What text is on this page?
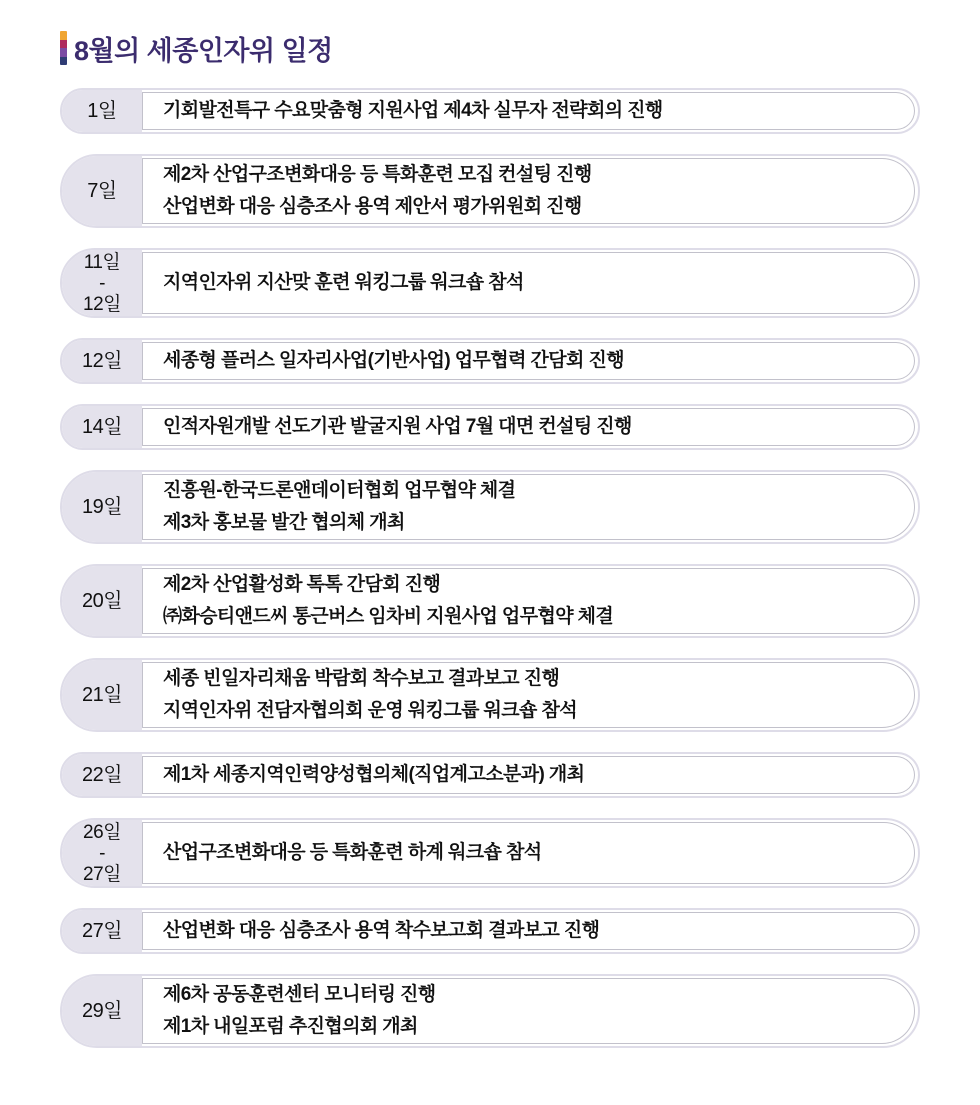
8월의 세종인자위 일정
1일 기회발전특구 수요맞춤형 지원사업 제4차 실무자 전략회의 진행
7일
제2차 산업구조변화대응 등 특화훈련 모집 컨설팅 진행
산업변화 대응 심층조사 용역 제안서 평가위원회 진행
11일
-
12일
지역인자위 지산맞 훈련 워킹그룹 워크숍 참석
12일 세종형 플러스 일자리사업(기반사업) 업무협력 간담회 진행
14일 인적자원개발 선도기관 발굴지원 사업 7월 대면 컨설팅 진행
19일
진흥원-한국드론앤데이터협회 업무협약 체결
제3차 홍보물 발간 협의체 개최
20일
제2차 산업활성화 톡톡 간담회 진행
㈜화승티앤드씨 통근버스 임차비 지원사업 업무협약 체결
21일
세종 빈일자리채움 박람회 착수보고 결과보고 진행
지역인자위 전담자협의회 운영 워킹그룹 워크숍 참석
22일 제1차 세종지역인력양성협의체(직업계고소분과) 개최
26일
-
27일
산업구조변화대응 등 특화훈련 하계 워크숍 참석
27일 산업변화 대응 심층조사 용역 착수보고회 결과보고 진행
29일
제6차 공동훈련센터 모니터링 진행
제1차 내일포럼 추진협의회 개최
